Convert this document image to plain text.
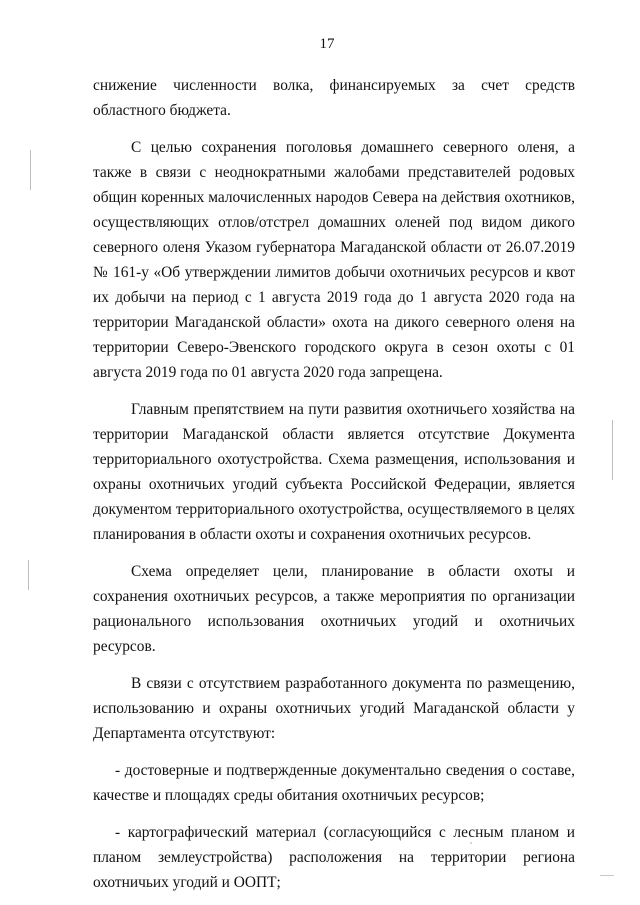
17

снижение численности волка, финансируемых за счет средств областного бюджета.

С целью сохранения поголовья домашнего северного оленя, а также в связи с неоднократными жалобами представителей родовых общин коренных малочисленных народов Севера на действия охотников, осуществляющих отлов/отстрел домашних оленей под видом дикого северного оленя Указом губернатора Магаданской области от 26.07.2019 № 161-у «Об утверждении лимитов добычи охотничьих ресурсов и квот их добычи на период с 1 августа 2019 года до 1 августа 2020 года на территории Магаданской области» охота на дикого северного оленя на территории Северо-Эвенского городского округа в сезон охоты с 01 августа 2019 года по 01 августа 2020 года запрещена.

Главным препятствием на пути развития охотничьего хозяйства на территории Магаданской области является отсутствие Документа территориального охотустройства. Схема размещения, использования и охраны охотничьих угодий субъекта Российской Федерации, является документом территориального охотустройства, осуществляемого в целях планирования в области охоты и сохранения охотничьих ресурсов.

Схема определяет цели, планирование в области охоты и сохранения охотничьих ресурсов, а также мероприятия по организации рационального использования охотничьих угодий и охотничьих ресурсов.

В связи с отсутствием разработанного документа по размещению, использованию и охраны охотничьих угодий Магаданской области у Департамента отсутствуют:

- достоверные и подтвержденные документально сведения о составе, качестве и площадях среды обитания охотничьих ресурсов;

- картографический материал (согласующийся с лесным планом и планом землеустройства) расположения на территории региона охотничьих угодий и ООПТ;
